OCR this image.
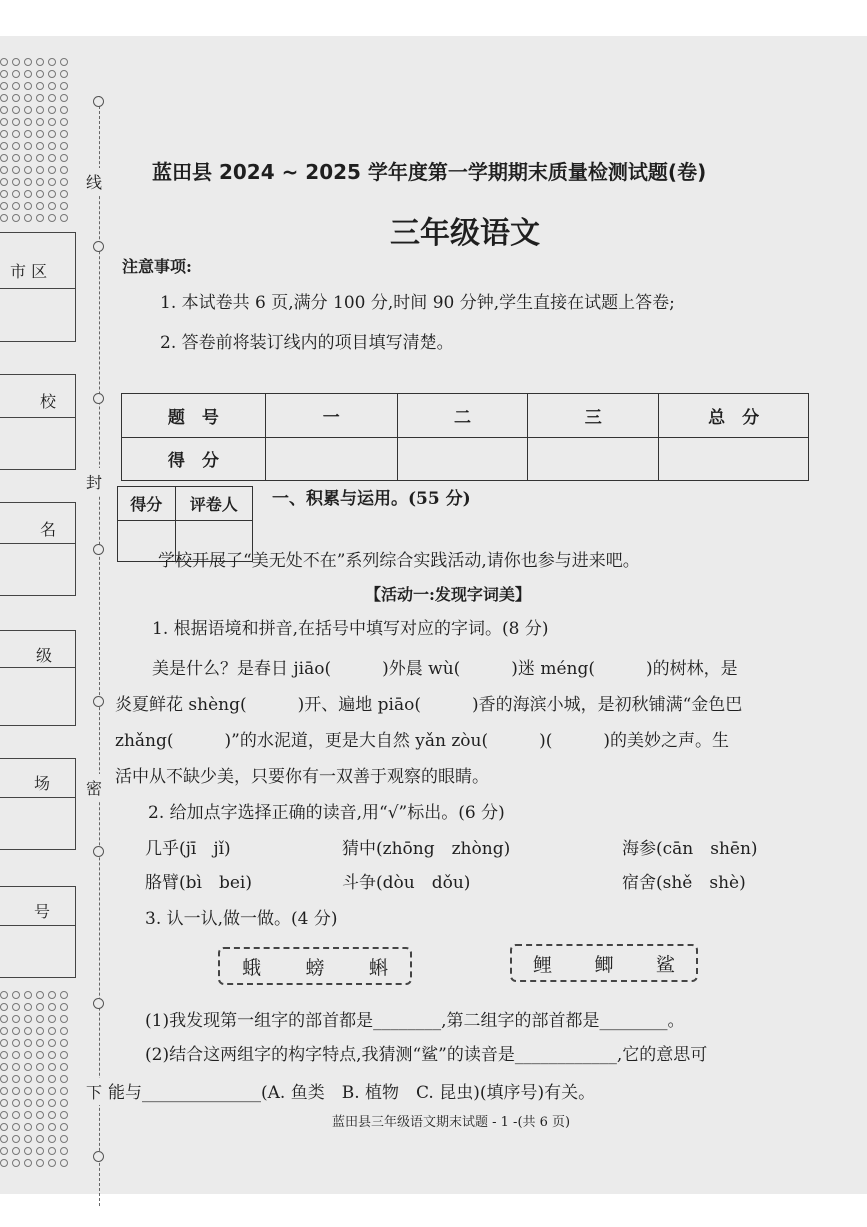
线
封
密
下
市 区
校
名
级
场
号
蓝田县 2024 ~ 2025 学年度第一学期期末质量检测试题(卷)
三年级语文
注意事项:
1. 本试卷共 6 页,满分 100 分,时间 90 分钟,学生直接在试题上答卷;
2. 答卷前将装订线内的项目填写清楚。
题　号	一	二	三	总　分
得　分				
得分	评卷人
	一、积累与运用。(55 分)
学校开展了“美无处不在”系列综合实践活动,请你也参与进来吧。
【活动一:发现字词美】
1. 根据语境和拼音,在括号中填写对应的字词。(8 分)
美是什么？是春日 jiāo(　　　)外晨 wù(　　　)迷 méng(　　　)的树林，是
炎夏鲜花 shèng(　　　)开、遍地 piāo(　　　)香的海滨小城，是初秋铺满“金色巴
zhǎng(　　　)”的水泥道，更是大自然 yǎn zòu(　　　)(　　　)的美妙之声。生
活中从不缺少美，只要你有一双善于观察的眼睛。
2. 给加点字选择正确的读音,用“√”标出。(6 分)
几乎(jī　jǐ)	猜中(zhōng　zhòng)	海参(cān　shēn)
胳臂(bì　bei)	斗争(dòu　dǒu)	宿舍(shě　shè)
3. 认一认,做一做。(4 分)
蛾 螃 蝌	鲤 鲫 鲨
(1)我发现第一组字的部首都是________,第二组字的部首都是________。
(2)结合这两组字的构字特点,我猜测“鲨”的读音是____________,它的意思可
能与______________(A. 鱼类　B. 植物　C. 昆虫)(填序号)有关。
蓝田县三年级语文期末试题 - 1 -(共 6 页)
